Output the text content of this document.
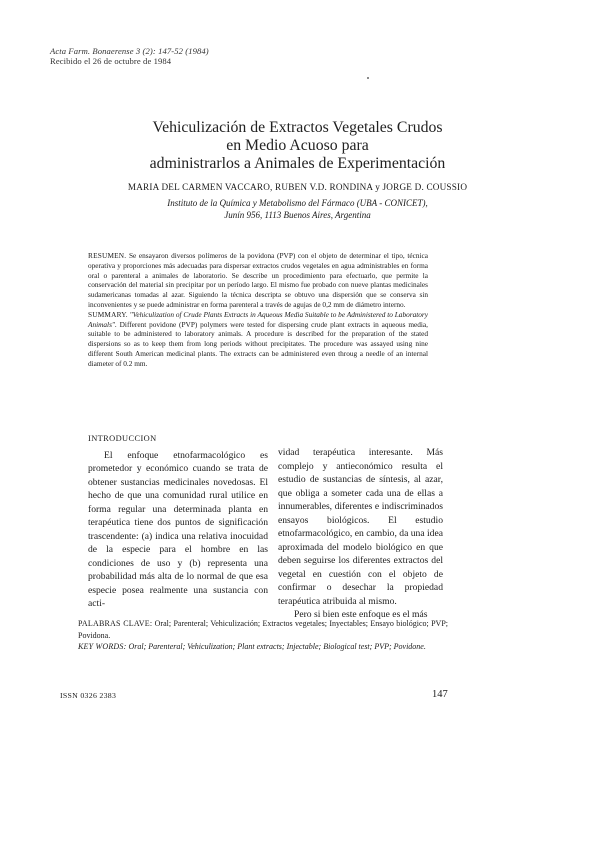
Acta Farm. Bonaerense 3 (2): 147-52 (1984)
Recibido el 26 de octubre de 1984
Vehiculización de Extractos Vegetales Crudos
en Medio Acuoso para
administrarlos a Animales de Experimentación
MARIA DEL CARMEN VACCARO, RUBEN V.D. RONDINA y JORGE D. COUSSIO
Instituto de la Química y Metabolismo del Fármaco (UBA - CONICET),
Junín 956, 1113 Buenos Aires, Argentina

RESUMEN. Se ensayaron diversos polímeros de la povidona (PVP) con el objeto de determinar el tipo, técnica operativa y proporciones más adecuadas para dispersar extractos crudos vegetales en agua administrables en forma oral o parenteral a animales de laboratorio. Se describe un procedimiento para efectuarlo, que permite la conservación del material sin precipitar por un período largo. El mismo fue probado con nueve plantas medicinales sudamericanas tomadas al azar. Siguiendo la técnica descripta se obtuvo una dispersión que se conserva sin inconvenientes y se puede administrar en forma parenteral a través de agujas de 0,2 mm de diámetro interno.

SUMMARY. "Vehiculization of Crude Plants Extracts in Aqueous Media Suitable to be Administered to Laboratory Animals". Different povidone (PVP) polymers were tested for dispersing crude plant extracts in aqueous media, suitable to be administered to laboratory animals. A procedure is described for the preparation of the stated dispersions so as to keep them from long periods without precipitates. The procedure was assayed using nine different South American medicinal plants. The extracts can be administered even throug a needle of an internal diameter of 0.2 mm.

INTRODUCCION

El enfoque etnofarmacológico es prometedor y económico cuando se trata de obtener sustancias medicinales novedosas. El hecho de que una comunidad rural utilice en forma regular una determinada planta en terapéutica tiene dos puntos de significación trascendente: (a) indica una relativa inocuidad de la especie para el hombre en las condiciones de uso y (b) representa una probabilidad más alta de lo normal de que esa especie posea realmente una sustancia con acti-

vidad terapéutica interesante. Más complejo y antieconómico resulta el estudio de sustancias de síntesis, al azar, que obliga a someter cada una de ellas a innumerables, diferentes e indiscriminados ensayos biológicos. El estudio etnofarmacológico, en cambio, da una idea aproximada del modelo biológico en que deben seguirse los diferentes extractos del vegetal en cuestión con el objeto de confirmar o desechar la propiedad terapéutica atribuida al mismo.

Pero si bien este enfoque es el más

PALABRAS CLAVE: Oral; Parenteral; Vehiculización; Extractos vegetales; Inyectables; Ensayo biológico; PVP; Povidona.

KEY WORDS: Oral; Parenteral; Vehiculization; Plant extracts; Injectable; Biological test; PVP; Povidone.

ISSN 0326 2383	147
